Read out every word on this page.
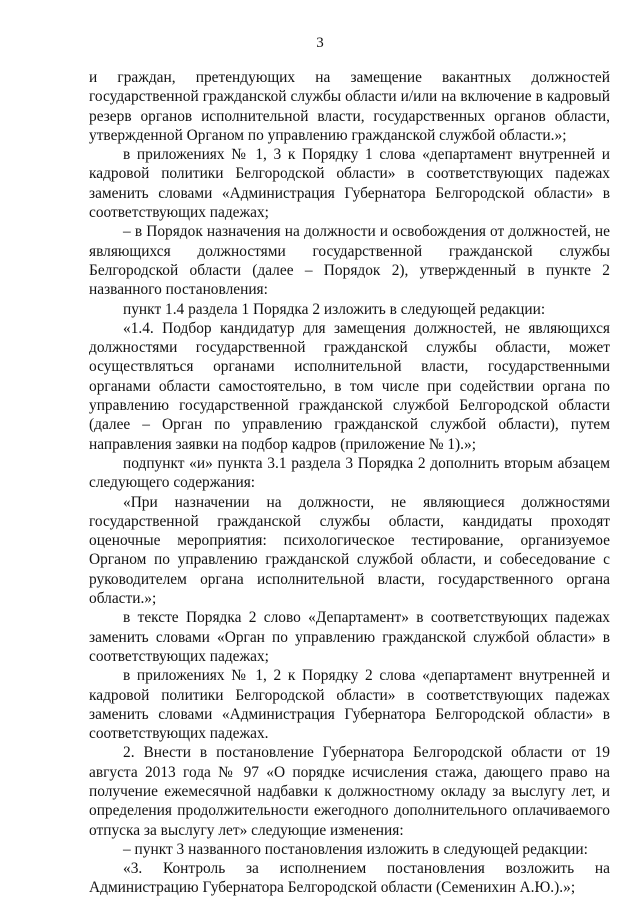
3

и граждан, претендующих на замещение вакантных должностей государственной гражданской службы области и/или на включение в кадровый резерв органов исполнительной власти, государственных органов области, утвержденной Органом по управлению гражданской службой области.»;

в приложениях № 1, 3 к Порядку 1 слова «департамент внутренней и кадровой политики Белгородской области» в соответствующих падежах заменить словами «Администрация Губернатора Белгородской области» в соответствующих падежах;

– в Порядок назначения на должности и освобождения от должностей, не являющихся должностями государственной гражданской службы Белгородской области (далее – Порядок 2), утвержденный в пункте 2 названного постановления:

пункт 1.4 раздела 1 Порядка 2 изложить в следующей редакции:

«1.4. Подбор кандидатур для замещения должностей, не являющихся должностями государственной гражданской службы области, может осуществляться органами исполнительной власти, государственными органами области самостоятельно, в том числе при содействии органа по управлению государственной гражданской службой Белгородской области (далее – Орган по управлению гражданской службой области), путем направления заявки на подбор кадров (приложение № 1).»;

подпункт «и» пункта 3.1 раздела 3 Порядка 2 дополнить вторым абзацем следующего содержания:

«При назначении на должности, не являющиеся должностями государственной гражданской службы области, кандидаты проходят оценочные мероприятия: психологическое тестирование, организуемое Органом по управлению гражданской службой области, и собеседование с руководителем органа исполнительной власти, государственного органа области.»;

в тексте Порядка 2 слово «Департамент» в соответствующих падежах заменить словами «Орган по управлению гражданской службой области» в соответствующих падежах;

в приложениях № 1, 2 к Порядку 2 слова «департамент внутренней и кадровой политики Белгородской области» в соответствующих падежах заменить словами «Администрация Губернатора Белгородской области» в соответствующих падежах.

2. Внести в постановление Губернатора Белгородской области от 19 августа 2013 года № 97 «О порядке исчисления стажа, дающего право на получение ежемесячной надбавки к должностному окладу за выслугу лет, и определения продолжительности ежегодного дополнительного оплачиваемого отпуска за выслугу лет» следующие изменения:

– пункт 3 названного постановления изложить в следующей редакции:

«3. Контроль за исполнением постановления возложить на Администрацию Губернатора Белгородской области (Семенихин А.Ю.).»;
